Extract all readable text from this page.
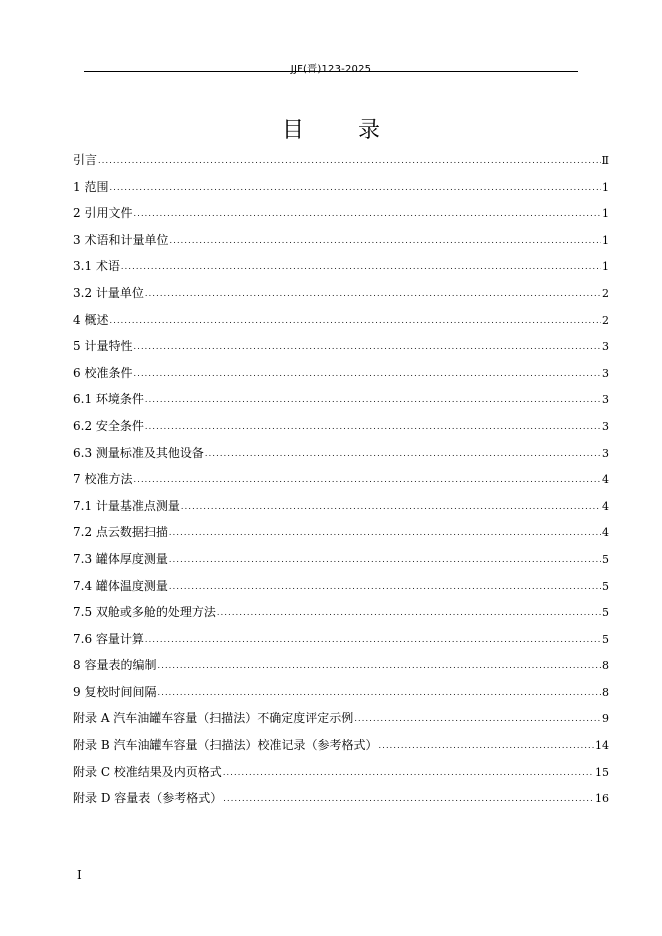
JJF(晋)123-2025
目录
引言 .....	Ⅱ
1 范围 .....	1
2 引用文件 .....	1
3 术语和计量单位 .....	1
3.1 术语 .....	1
3.2 计量单位 .....	2
4 概述 .....	2
5 计量特性 .....	3
6 校准条件 .....	3
6.1 环境条件 .....	3
6.2 安全条件 .....	3
6.3 测量标准及其他设备 .....	3
7 校准方法 .....	4
7.1 计量基准点测量 .....	4
7.2 点云数据扫描 .....	4
7.3 罐体厚度测量 .....	5
7.4 罐体温度测量 .....	5
7.5 双舱或多舱的处理方法 .....	5
7.6 容量计算 .....	5
8 容量表的编制 .....	8
9 复校时间间隔 .....	8
附录 A 汽车油罐车容量（扫描法）不确定度评定示例 .....	9
附录 B 汽车油罐车容量（扫描法）校准记录（参考格式） .....	14
附录 C 校准结果及内页格式 .....	15
附录 D 容量表（参考格式） .....	16
I
